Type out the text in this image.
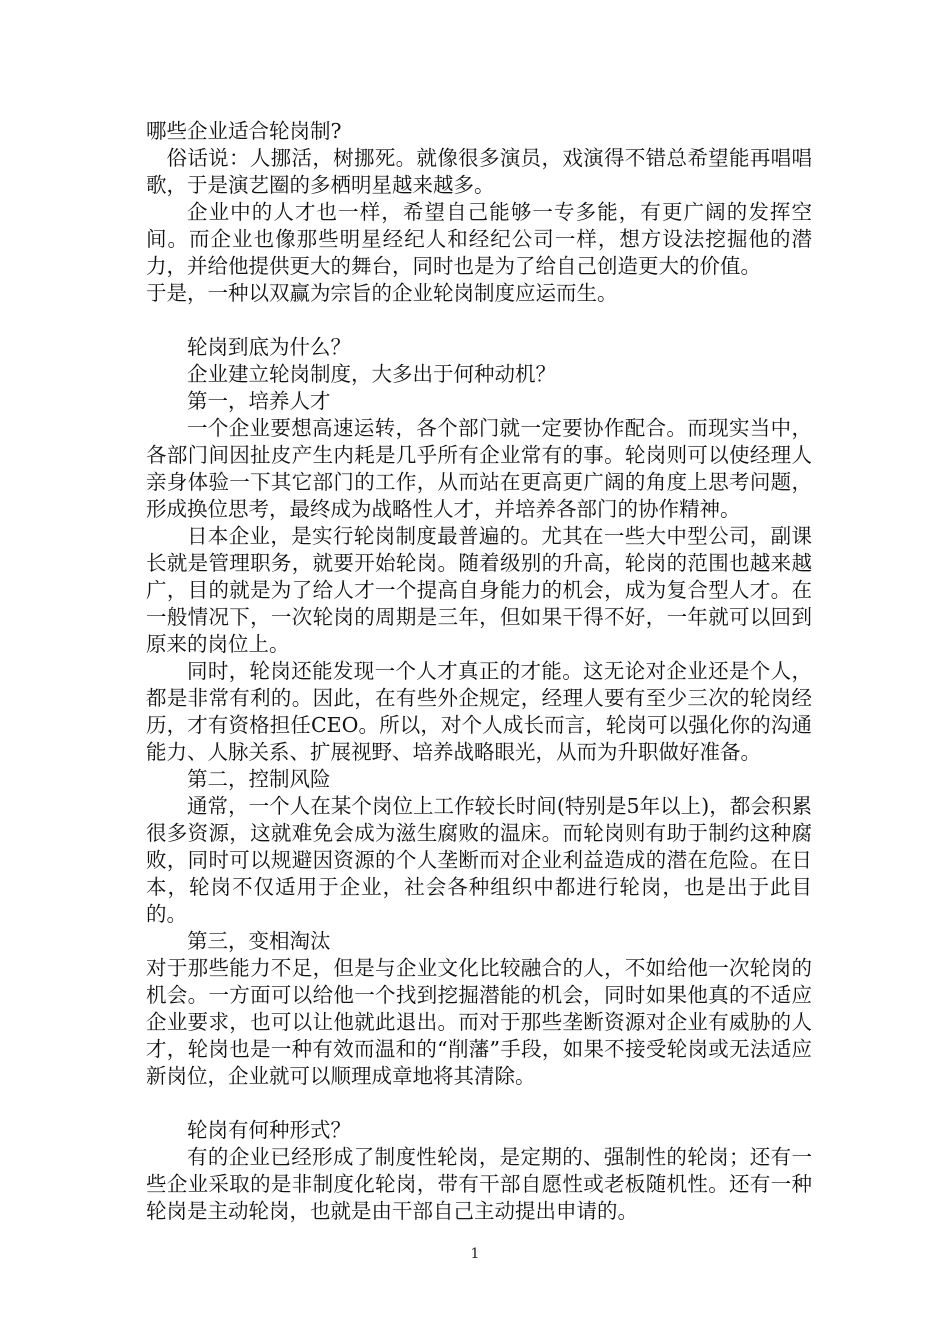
哪些企业适合轮岗制?

俗话说：人挪活，树挪死。就像很多演员，戏演得不错总希望能再唱唱歌，于是演艺圈的多栖明星越来越多。

企业中的人才也一样，希望自己能够一专多能，有更广阔的发挥空间。而企业也像那些明星经纪人和经纪公司一样，想方设法挖掘他的潜力，并给他提供更大的舞台，同时也是为了给自己创造更大的价值。

于是，一种以双赢为宗旨的企业轮岗制度应运而生。

轮岗到底为什么？

企业建立轮岗制度，大多出于何种动机？

第一，培养人才

一个企业要想高速运转，各个部门就一定要协作配合。而现实当中，各部门间因扯皮产生内耗是几乎所有企业常有的事。轮岗则可以使经理人亲身体验一下其它部门的工作，从而站在更高更广阔的角度上思考问题，形成换位思考，最终成为战略性人才，并培养各部门的协作精神。

日本企业，是实行轮岗制度最普遍的。尤其在一些大中型公司，副课长就是管理职务，就要开始轮岗。随着级别的升高，轮岗的范围也越来越广，目的就是为了给人才一个提高自身能力的机会，成为复合型人才。在一般情况下，一次轮岗的周期是三年，但如果干得不好，一年就可以回到原来的岗位上。

同时，轮岗还能发现一个人才真正的才能。这无论对企业还是个人，都是非常有利的。因此，在有些外企规定，经理人要有至少三次的轮岗经历，才有资格担任CEO。所以，对个人成长而言，轮岗可以强化你的沟通能力、人脉关系、扩展视野、培养战略眼光，从而为升职做好准备。

第二，控制风险

通常，一个人在某个岗位上工作较长时间(特别是5年以上)，都会积累很多资源，这就难免会成为滋生腐败的温床。而轮岗则有助于制约这种腐败，同时可以规避因资源的个人垄断而对企业利益造成的潜在危险。在日本，轮岗不仅适用于企业，社会各种组织中都进行轮岗，也是出于此目的。

第三，变相淘汰

对于那些能力不足，但是与企业文化比较融合的人，不如给他一次轮岗的机会。一方面可以给他一个找到挖掘潜能的机会，同时如果他真的不适应企业要求，也可以让他就此退出。而对于那些垄断资源对企业有威胁的人才，轮岗也是一种有效而温和的“削藩”手段，如果不接受轮岗或无法适应新岗位，企业就可以顺理成章地将其清除。

轮岗有何种形式？

有的企业已经形成了制度性轮岗，是定期的、强制性的轮岗；还有一些企业采取的是非制度化轮岗，带有干部自愿性或老板随机性。还有一种轮岗是主动轮岗，也就是由干部自己主动提出申请的。

1
